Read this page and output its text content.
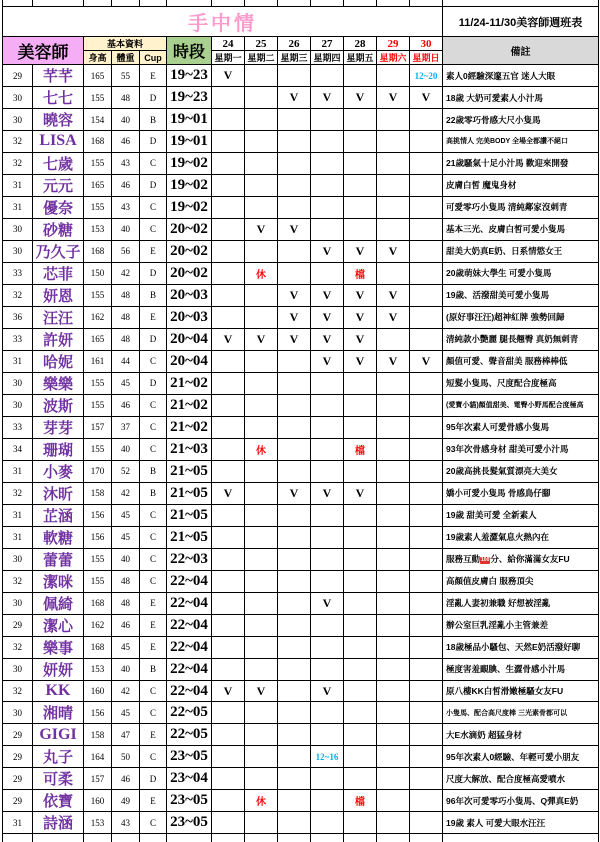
手中情													11/24-11/30美容師週班表
美容師		基本資料			時段	24	25	26	27	28	29	30	備註
		身高	體重	Cup		星期一	星期二	星期三	星期四	星期五	星期六	星期日	
29	芊芊	165	55	E	19~23	V						12~20	素人0經驗深邃五官 迷人大眼
30	七七	155	48	D	19~23			V	V	V	V	V	18歲 大奶可愛素人小汁馬
30	曉容	154	40	B	19~01								22歲零巧骨感大尺小隻馬
32	LISA	168	46	D	19~01								高挑情人 完美BODY 全場全都讚不絕口
32	七歲	155	43	C	19~02								21歲騷氣十足小汁馬 歡迎來開發
31	元元	165	46	D	19~02								皮膚白皙 魔鬼身材
31	優奈	155	43	C	19~02								可愛零巧小隻馬 清純鄰家沒刺青
30	砂糖	153	40	C	20~02		V	V					基本三光、皮膚白皙可愛小隻馬
30	乃久子	168	56	E	20~02				V	V	V		甜美大奶真E奶、日系情慾女王
33	芯菲	150	42	D	20~02		休			檔			20歲萌妹大學生 可愛小隻馬
32	妍恩	155	48	B	20~03			V	V	V	V		19歲、活潑甜美可愛小隻馬
36	汪汪	162	48	E	20~03			V	V	V	V		(原好事汪汪)超神紅牌 強勢回歸
33	許妍	165	48	D	20~04	V	V	V	V	V			清純款小艷麗 腿長翹臀 真奶無刺青
31	哈妮	161	44	C	20~04				V	V	V	V	顏值可愛、聲音甜美 服務棒棒低
30	樂樂	155	45	D	21~02								短髮小隻馬、尺度配合度極高
30	波斯	155	46	C	21~02								(愛寶小貓)顏值甜美、電臀小野馬配合度極高
33	芽芽	157	37	C	21~02								95年次素人可愛骨感小隻馬
34	珊瑚	155	40	C	21~03		休			檔			93年次骨感身材 甜美可愛小汁馬
31	小麥	170	52	B	21~05								20歲高挑長髮氣質漂亮大美女
32	沐昕	158	42	B	21~05	V		V	V	V			嬌小可愛小隻馬 骨感鳥仔腳
31	芷涵	156	45	C	21~05								19歲 甜美可愛 全新素人
31	軟糖	156	45	C	21~05								19歲素人羞澀氣息火熱內在
30	蕾蕾	155	40	C	22~03								服務互動100分、給你滿滿女友FU
32	潔咪	155	48	C	22~04								高顏值皮膚白 服務頂尖
30	佩綺	168	48	E	22~04				V				淫亂人妻初兼職 好想被淫亂
29	潔心	162	46	E	22~04								辦公室巨乳淫亂小主管兼差
32	樂事	168	45	E	22~04								18歲極品小騷包、天然E奶活潑好聊
30	妍妍	153	40	B	22~04								極度害羞靦腆、生澀骨感小汁馬
32	KK	160	42	C	22~04	V	V		V				原八樓KK白皙滑嫩極騷女友FU
30	湘晴	156	45	C	22~05								小隻馬、配合高尺度棒 三光素骨都可以
29	GIGI	158	47	E	22~05								大E水滴奶 超猛身材
29	丸子	164	50	C	23~05				12~16				95年次素人0經驗、年輕可愛小朋友
29	可柔	157	46	D	23~04								尺度大解放、配合度極高愛噴水
29	依寶	160	49	E	23~05		休			檔			96年次可愛零巧小隻馬、Q彈真E奶
31	詩涵	153	43	C	23~05								19歲 素人 可愛大眼水汪汪
